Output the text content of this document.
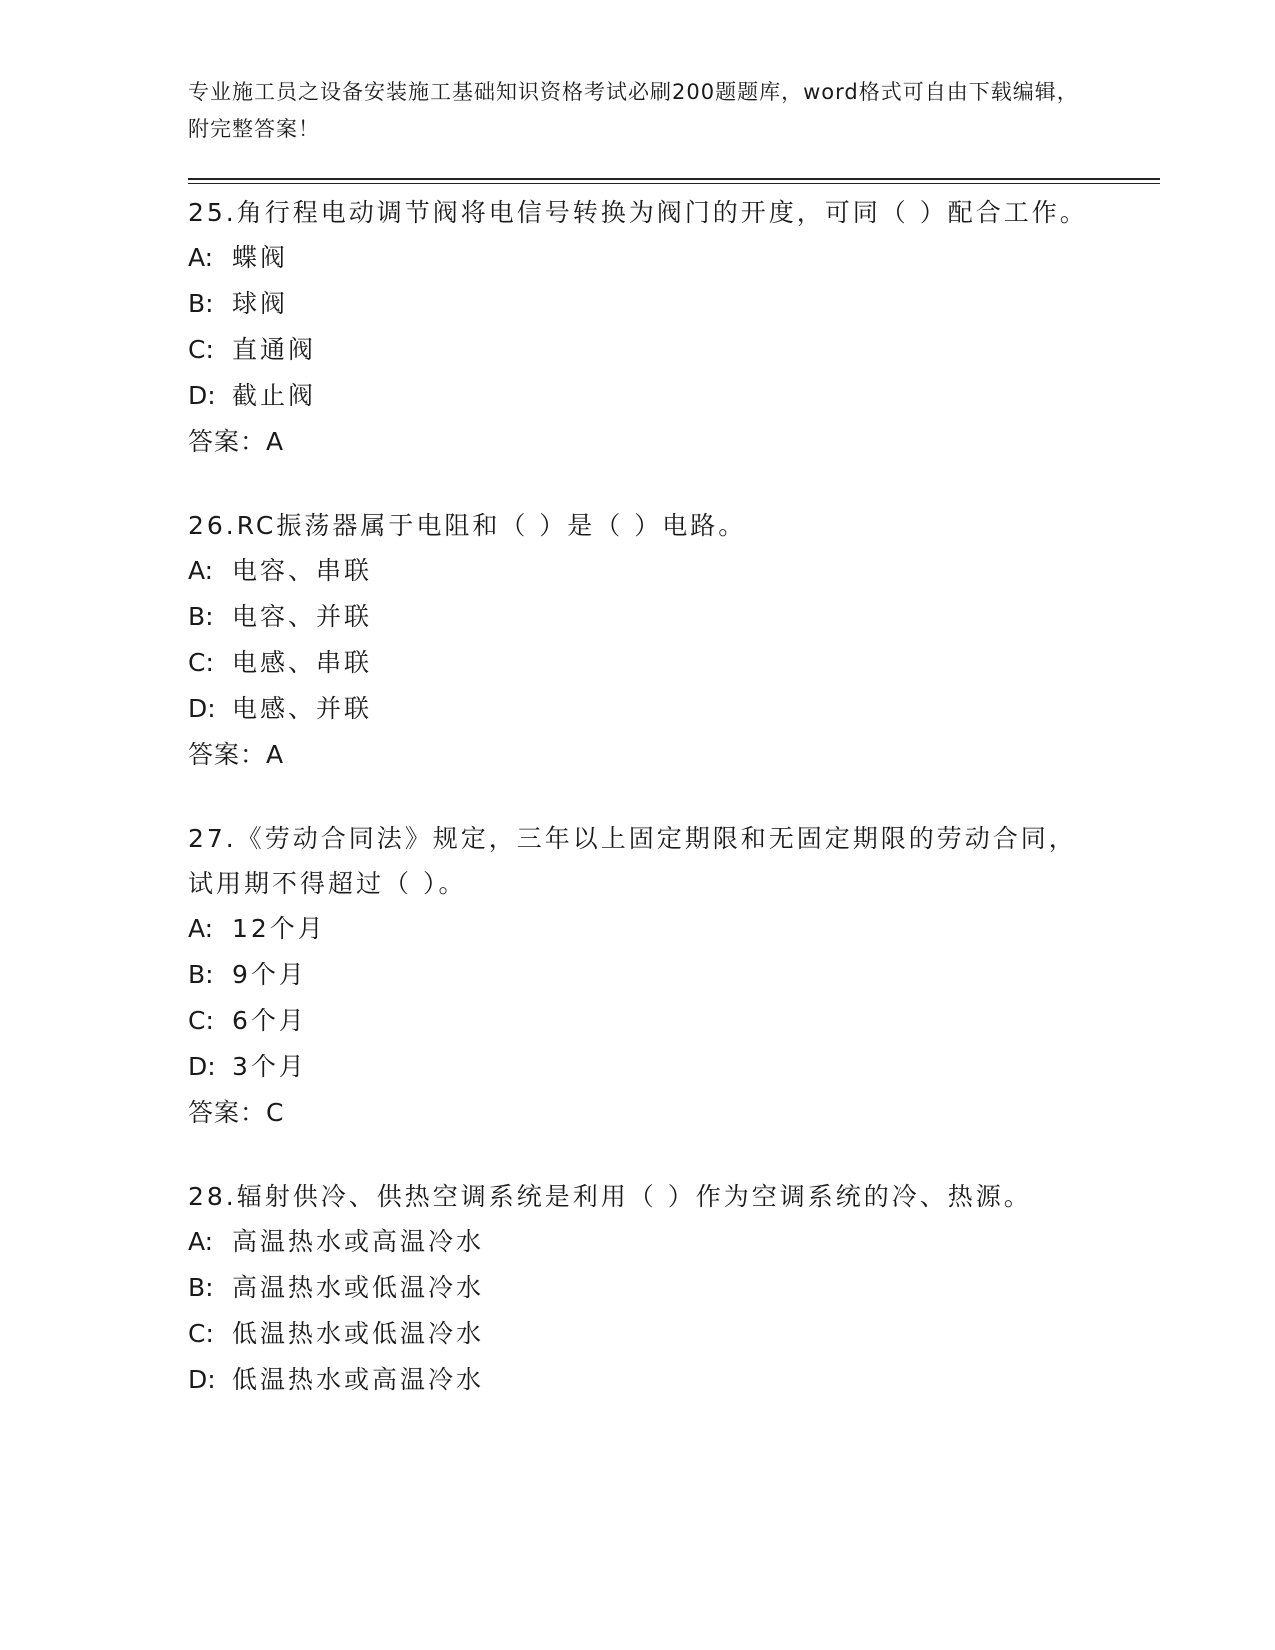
专业施工员之设备安装施工基础知识资格考试必刷200题题库，word格式可自由下载编辑，附完整答案！

25.角行程电动调节阀将电信号转换为阀门的开度，可同（ ）配合工作。

A: 蝶阀

B: 球阀

C: 直通阀

D: 截止阀

答案：A

26.RC振荡器属于电阻和（ ）是（ ）电路。

A: 电容、串联

B: 电容、并联

C: 电感、串联

D: 电感、并联

答案：A

27.《劳动合同法》规定，三年以上固定期限和无固定期限的劳动合同，试用期不得超过（ ）。

A: 12个月

B: 9个月

C: 6个月

D: 3个月

答案：C

28.辐射供冷、供热空调系统是利用（ ）作为空调系统的冷、热源。

A: 高温热水或高温冷水

B: 高温热水或低温冷水

C: 低温热水或低温冷水

D: 低温热水或高温冷水
